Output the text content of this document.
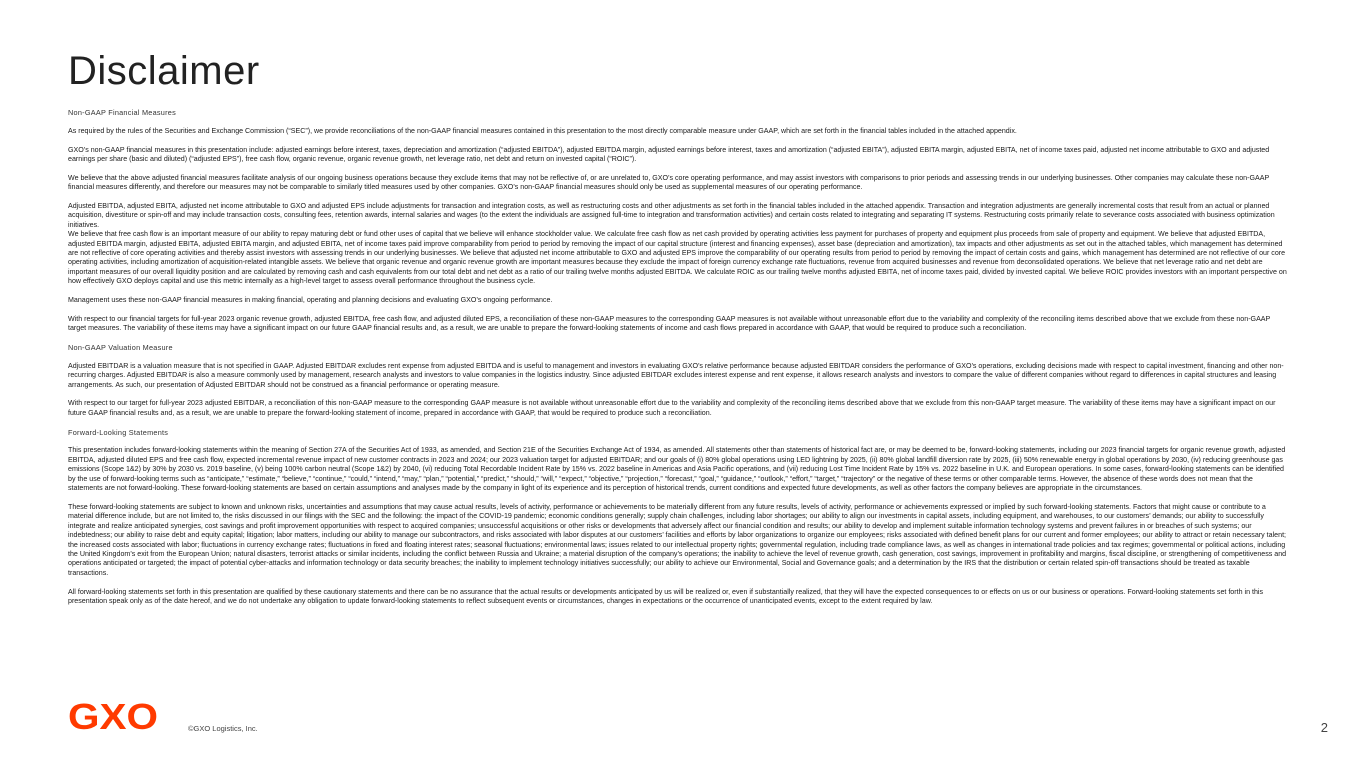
Disclaimer
Non-GAAP Financial Measures

As required by the rules of the Securities and Exchange Commission (“SEC”), we provide reconciliations of the non-GAAP financial measures contained in this presentation to the most directly comparable measure under GAAP, which are set forth in the financial tables included in the attached appendix.

GXO’s non-GAAP financial measures in this presentation include: adjusted earnings before interest, taxes, depreciation and amortization (“adjusted EBITDA”), adjusted EBITDA margin, adjusted earnings before interest, taxes and amortization (“adjusted EBITA”), adjusted EBITA margin, adjusted EBITA, net of income taxes paid, adjusted net income attributable to GXO and adjusted earnings per share (basic and diluted) (“adjusted EPS”), free cash flow, organic revenue, organic revenue growth, net leverage ratio, net debt and return on invested capital (“ROIC”).

We believe that the above adjusted financial measures facilitate analysis of our ongoing business operations because they exclude items that may not be reflective of, or are unrelated to, GXO’s core operating performance, and may assist investors with comparisons to prior periods and assessing trends in our underlying businesses. Other companies may calculate these non-GAAP financial measures differently, and therefore our measures may not be comparable to similarly titled measures used by other companies. GXO’s non-GAAP financial measures should only be used as supplemental measures of our operating performance.

Adjusted EBITDA, adjusted EBITA, adjusted net income attributable to GXO and adjusted EPS include adjustments for transaction and integration costs, as well as restructuring costs and other adjustments as set forth in the financial tables included in the attached appendix. Transaction and integration adjustments are generally incremental costs that result from an actual or planned acquisition, divestiture or spin-off and may include transaction costs, consulting fees, retention awards, internal salaries and wages (to the extent the individuals are assigned full-time to integration and transformation activities) and certain costs related to integrating and separating IT systems. Restructuring costs primarily relate to severance costs associated with business optimization initiatives.

We believe that free cash flow is an important measure of our ability to repay maturing debt or fund other uses of capital that we believe will enhance stockholder value. We calculate free cash flow as net cash provided by operating activities less payment for purchases of property and equipment plus proceeds from sale of property and equipment. We believe that adjusted EBITDA, adjusted EBITDA margin, adjusted EBITA, adjusted EBITA margin, and adjusted EBITA, net of income taxes paid improve comparability from period to period by removing the impact of our capital structure (interest and financing expenses), asset base (depreciation and amortization), tax impacts and other adjustments as set out in the attached tables, which management has determined are not reflective of core operating activities and thereby assist investors with assessing trends in our underlying businesses. We believe that adjusted net income attributable to GXO and adjusted EPS improve the comparability of our operating results from period to period by removing the impact of certain costs and gains, which management has determined are not reflective of our core operating activities, including amortization of acquisition-related intangible assets. We believe that organic revenue and organic revenue growth are important measures because they exclude the impact of foreign currency exchange rate fluctuations, revenue from acquired businesses and revenue from deconsolidated operations. We believe that net leverage ratio and net debt are important measures of our overall liquidity position and are calculated by removing cash and cash equivalents from our total debt and net debt as a ratio of our trailing twelve months adjusted EBITDA. We calculate ROIC as our trailing twelve months adjusted EBITA, net of income taxes paid, divided by invested capital. We believe ROIC provides investors with an important perspective on how effectively GXO deploys capital and use this metric internally as a high-level target to assess overall performance throughout the business cycle.

Management uses these non-GAAP financial measures in making financial, operating and planning decisions and evaluating GXO’s ongoing performance.

With respect to our financial targets for full-year 2023 organic revenue growth, adjusted EBITDA, free cash flow, and adjusted diluted EPS, a reconciliation of these non-GAAP measures to the corresponding GAAP measures is not available without unreasonable effort due to the variability and complexity of the reconciling items described above that we exclude from these non-GAAP target measures. The variability of these items may have a significant impact on our future GAAP financial results and, as a result, we are unable to prepare the forward-looking statements of income and cash flows prepared in accordance with GAAP, that would be required to produce such a reconciliation.

Non-GAAP Valuation Measure

Adjusted EBITDAR is a valuation measure that is not specified in GAAP. Adjusted EBITDAR excludes rent expense from adjusted EBITDA and is useful to management and investors in evaluating GXO’s relative performance because adjusted EBITDAR considers the performance of GXO’s operations, excluding decisions made with respect to capital investment, financing and other non-recurring charges. Adjusted EBITDAR is also a measure commonly used by management, research analysts and investors to value companies in the logistics industry. Since adjusted EBITDAR excludes interest expense and rent expense, it allows research analysts and investors to compare the value of different companies without regard to differences in capital structures and leasing arrangements. As such, our presentation of Adjusted EBITDAR should not be construed as a financial performance or operating measure.

With respect to our target for full-year 2023 adjusted EBITDAR, a reconciliation of this non-GAAP measure to the corresponding GAAP measure is not available without unreasonable effort due to the variability and complexity of the reconciling items described above that we exclude from this non-GAAP target measure. The variability of these items may have a significant impact on our future GAAP financial results and, as a result, we are unable to prepare the forward-looking statement of income, prepared in accordance with GAAP, that would be required to produce such a reconciliation.

Forward-Looking Statements

This presentation includes forward-looking statements within the meaning of Section 27A of the Securities Act of 1933, as amended, and Section 21E of the Securities Exchange Act of 1934, as amended. All statements other than statements of historical fact are, or may be deemed to be, forward-looking statements, including our 2023 financial targets for organic revenue growth, adjusted EBITDA, adjusted diluted EPS and free cash flow, expected incremental revenue impact of new customer contracts in 2023 and 2024; our 2023 valuation target for adjusted EBITDAR; and our goals of (i) 80% global operations using LED lightning by 2025, (ii) 80% global landfill diversion rate by 2025, (iii) 50% renewable energy in global operations by 2030, (iv) reducing greenhouse gas emissions (Scope 1&2) by 30% by 2030 vs. 2019 baseline, (v) being 100% carbon neutral (Scope 1&2) by 2040, (vi) reducing Total Recordable Incident Rate by 15% vs. 2022 baseline in Americas and Asia Pacific operations, and (vii) reducing Lost Time Incident Rate by 15% vs. 2022 baseline in U.K. and European operations. In some cases, forward-looking statements can be identified by the use of forward-looking terms such as “anticipate,” “estimate,” “believe,” “continue,” “could,” “intend,” “may,” “plan,” “potential,” “predict,” “should,” “will,” “expect,” “objective,” “projection,” “forecast,” “goal,” “guidance,” “outlook,” “effort,” “target,” “trajectory” or the negative of these terms or other comparable terms. However, the absence of these words does not mean that the statements are not forward-looking. These forward-looking statements are based on certain assumptions and analyses made by the company in light of its experience and its perception of historical trends, current conditions and expected future developments, as well as other factors the company believes are appropriate in the circumstances.

These forward-looking statements are subject to known and unknown risks, uncertainties and assumptions that may cause actual results, levels of activity, performance or achievements to be materially different from any future results, levels of activity, performance or achievements expressed or implied by such forward-looking statements. Factors that might cause or contribute to a material difference include, but are not limited to, the risks discussed in our filings with the SEC and the following: the impact of the COVID-19 pandemic; economic conditions generally; supply chain challenges, including labor shortages; our ability to align our investments in capital assets, including equipment, and warehouses, to our customers’ demands; our ability to successfully integrate and realize anticipated synergies, cost savings and profit improvement opportunities with respect to acquired companies; unsuccessful acquisitions or other risks or developments that adversely affect our financial condition and results; our ability to develop and implement suitable information technology systems and prevent failures in or breaches of such systems; our indebtedness; our ability to raise debt and equity capital; litigation; labor matters, including our ability to manage our subcontractors, and risks associated with labor disputes at our customers’ facilities and efforts by labor organizations to organize our employees; risks associated with defined benefit plans for our current and former employees; our ability to attract or retain necessary talent; the increased costs associated with labor; fluctuations in currency exchange rates; fluctuations in fixed and floating interest rates; seasonal fluctuations; environmental laws; issues related to our intellectual property rights; governmental regulation, including trade compliance laws, as well as changes in international trade policies and tax regimes; governmental or political actions, including the United Kingdom’s exit from the European Union; natural disasters, terrorist attacks or similar incidents, including the conflict between Russia and Ukraine; a material disruption of the company’s operations; the inability to achieve the level of revenue growth, cash generation, cost savings, improvement in profitability and margins, fiscal discipline, or strengthening of competitiveness and operations anticipated or targeted; the impact of potential cyber-attacks and information technology or data security breaches; the inability to implement technology initiatives successfully; our ability to achieve our Environmental, Social and Governance goals; and a determination by the IRS that the distribution or certain related spin-off transactions should be treated as taxable transactions.

All forward-looking statements set forth in this presentation are qualified by these cautionary statements and there can be no assurance that the actual results or developments anticipated by us will be realized or, even if substantially realized, that they will have the expected consequences to or effects on us or our business or operations. Forward-looking statements set forth in this presentation speak only as of the date hereof, and we do not undertake any obligation to update forward-looking statements to reflect subsequent events or circumstances, changes in expectations or the occurrence of unanticipated events, except to the extent required by law.

GXO	©GXO Logistics, Inc.	2
